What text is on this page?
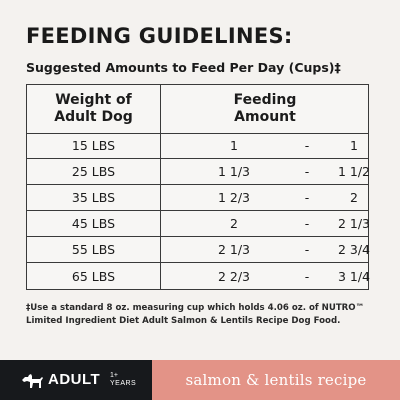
FEEDING GUIDELINES:
Suggested Amounts to Feed Per Day (Cups)‡
Weight of
Adult Dog
Feeding
Amount
15 LBS	1	-	1
25 LBS	1 1/3	-	1 1/2
35 LBS	1 2/3	-	2
45 LBS	2	-	2 1/3
55 LBS	2 1/3	-	2 3/4
65 LBS	2 2/3	-	3 1/4
‡Use a standard 8 oz. measuring cup which holds 4.06 oz. of NUTRO™ Limited Ingredient Diet Adult Salmon & Lentils Recipe Dog Food.
ADULT 1+
YEARS	salmon & lentils recipe
